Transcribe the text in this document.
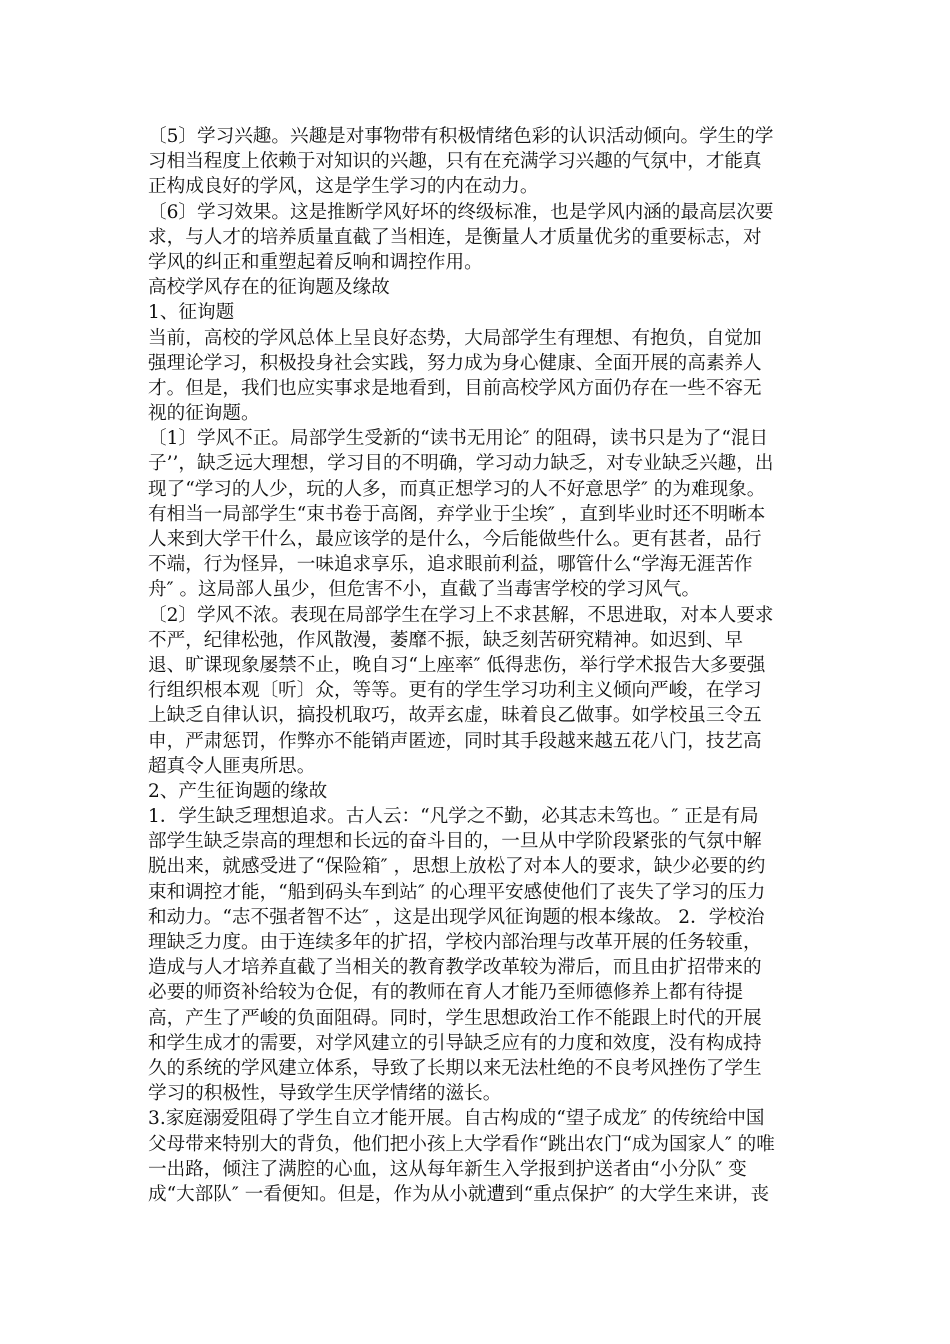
〔5〕学习兴趣。兴趣是对事物带有积极情绪色彩的认识活动倾向。学生的学
习相当程度上依赖于对知识的兴趣，只有在充满学习兴趣的气氛中，才能真
正构成良好的学风，这是学生学习的内在动力。
〔6〕学习效果。这是推断学风好坏的终级标准，也是学风内涵的最高层次要
求，与人才的培养质量直截了当相连，是衡量人才质量优劣的重要标志，对
学风的纠正和重塑起着反响和调控作用。
高校学风存在的征询题及缘故
1、征询题
当前，高校的学风总体上呈良好态势，大局部学生有理想、有抱负，自觉加
强理论学习，积极投身社会实践，努力成为身心健康、全面开展的高素养人
才。但是，我们也应实事求是地看到，目前高校学风方面仍存在一些不容无
视的征询题。
〔1〕学风不正。局部学生受新的“读书无用论″ 的阻碍，读书只是为了“混日
子’’，缺乏远大理想，学习目的不明确，学习动力缺乏，对专业缺乏兴趣，出
现了“学习的人少，玩的人多，而真正想学习的人不好意思学″ 的为难现象。
有相当一局部学生“束书卷于高阁，弃学业于尘埃″ ，直到毕业时还不明晰本
人来到大学干什么，最应该学的是什么，今后能做些什么。更有甚者，品行
不端，行为怪异，一味追求享乐，追求眼前利益，哪管什么“学海无涯苦作
舟″ 。这局部人虽少，但危害不小，直截了当毒害学校的学习风气。
〔2〕学风不浓。表现在局部学生在学习上不求甚解，不思进取，对本人要求
不严，纪律松弛，作风散漫，萎靡不振，缺乏刻苦研究精神。如迟到、早
退、旷课现象屡禁不止，晚自习“上座率″ 低得悲伤，举行学术报告大多要强
行组织根本观〔听〕众，等等。更有的学生学习功利主义倾向严峻，在学习
上缺乏自律认识，搞投机取巧，故弄玄虚，昧着良乙做事。如学校虽三令五
申，严肃惩罚，作弊亦不能销声匿迹，同时其手段越来越五花八门，技艺高
超真令人匪夷所思。
2、产生征询题的缘故
1．学生缺乏理想追求。古人云：“凡学之不勤，必其志未笃也。″ 正是有局
部学生缺乏崇高的理想和长远的奋斗目的，一旦从中学阶段紧张的气氛中解
脱出来，就感受进了“保险箱″ ，思想上放松了对本人的要求，缺少必要的约
束和调控才能，“船到码头车到站″ 的心理平安感使他们了丧失了学习的压力
和动力。“志不强者智不达″ ，这是出现学风征询题的根本缘故。 2．学校治
理缺乏力度。由于连续多年的扩招，学校内部治理与改革开展的任务较重，
造成与人才培养直截了当相关的教育教学改革较为滞后，而且由扩招带来的
必要的师资补给较为仓促，有的教师在育人才能乃至师德修养上都有待提
高，产生了严峻的负面阻碍。同时，学生思想政治工作不能跟上时代的开展
和学生成才的需要，对学风建立的引导缺乏应有的力度和效度，没有构成持
久的系统的学风建立体系，导致了长期以来无法杜绝的不良考风挫伤了学生
学习的积极性，导致学生厌学情绪的滋长。
3.家庭溺爱阻碍了学生自立才能开展。自古构成的“望子成龙″ 的传统给中国
父母带来特别大的背负，他们把小孩上大学看作“跳出农门“成为国家人″ 的唯
一出路，倾注了满腔的心血，这从每年新生入学报到护送者由“小分队″ 变
成“大部队″ 一看便知。但是，作为从小就遭到“重点保护″ 的大学生来讲，丧
